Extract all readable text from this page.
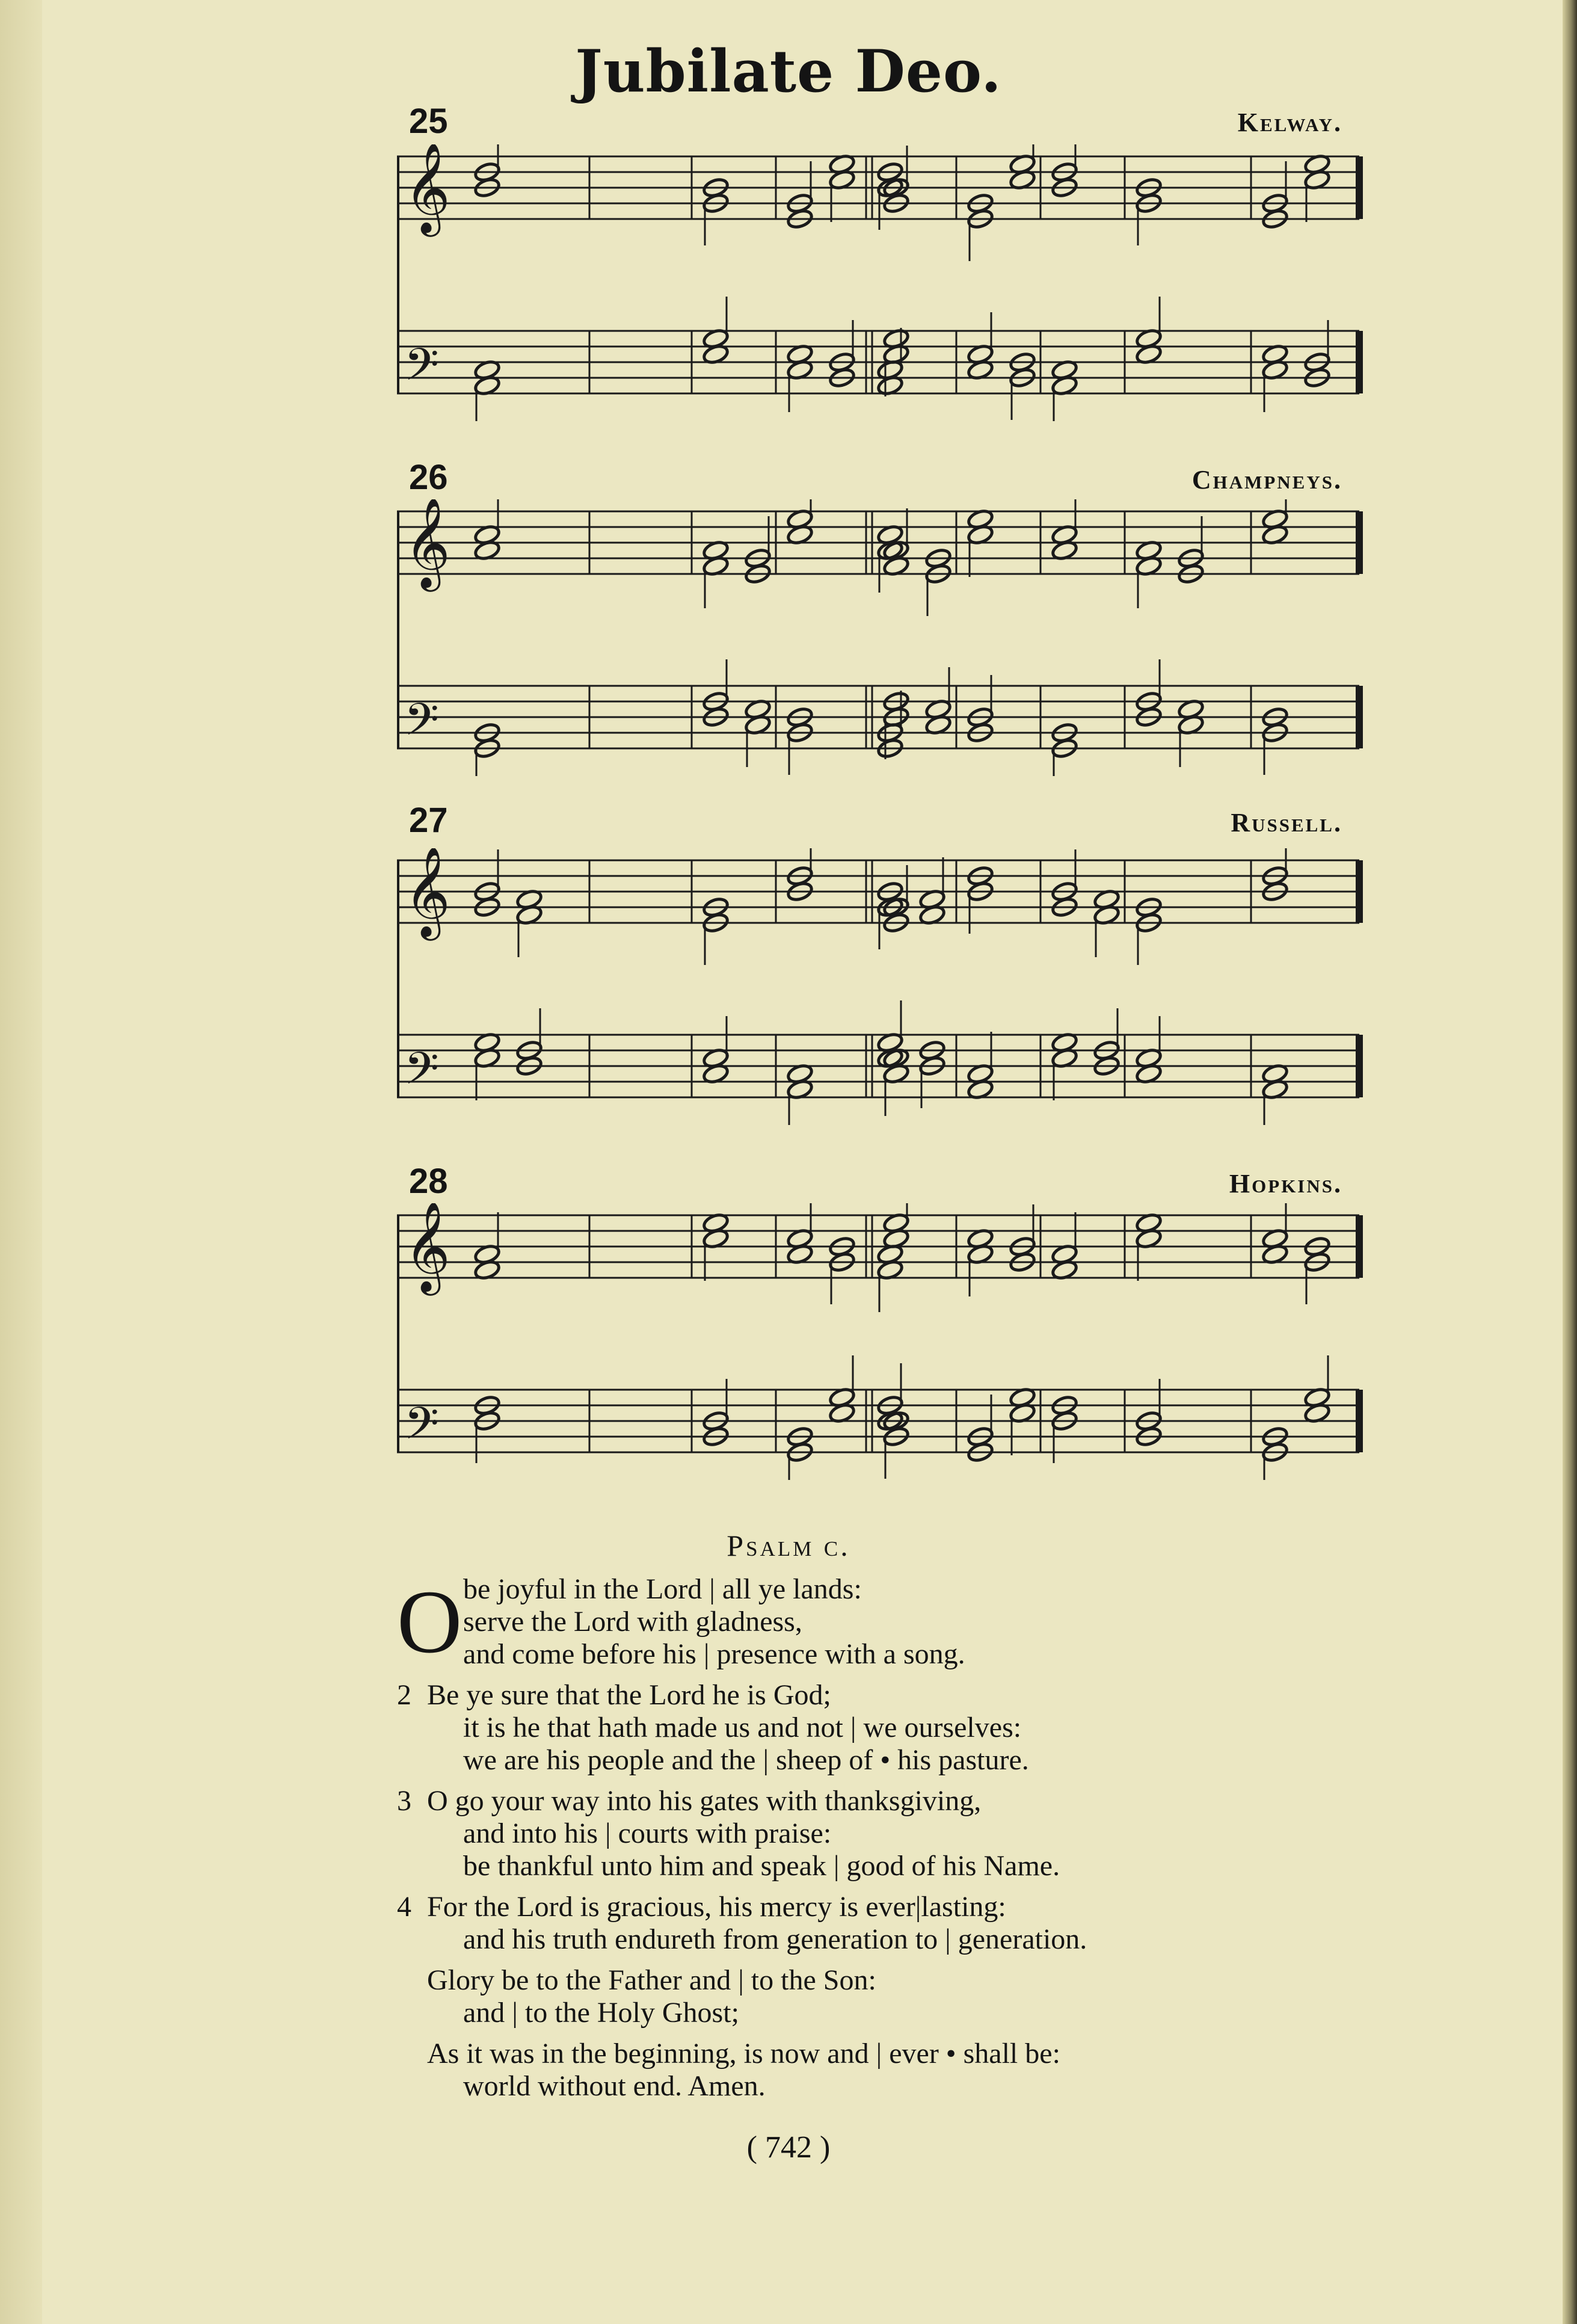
Jubilate Deo.
25	Kelway.
𝄞
𝄢
26	Champneys.
𝄞
𝄢
27	Russell.
𝄞
𝄢
28	Hopkins.
𝄞
𝄢
Psalm c.
O be joyful in the Lord | all ye lands:
serve the Lord with gladness,
and come before his | presence with a song.
2 Be ye sure that the Lord he is God;
it is he that hath made us and not | we ourselves:
we are his people and the | sheep of • his pasture.
3 O go your way into his gates with thanksgiving,
and into his | courts with praise:
be thankful unto him and speak | good of his Name.
4 For the Lord is gracious, his mercy is ever|lasting:
and his truth endureth from generation to | generation.
Glory be to the Father and | to the Son:
and | to the Holy Ghost;
As it was in the beginning, is now and | ever • shall be:
world without end. Amen.
( 742 )
